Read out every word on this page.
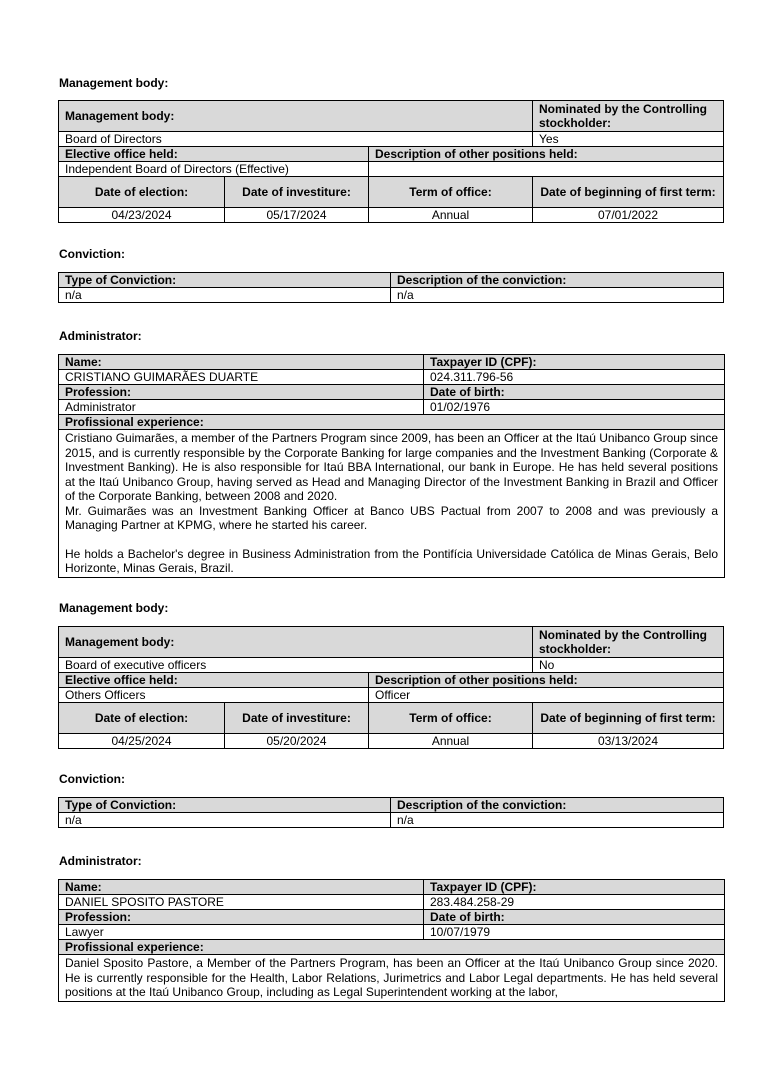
Management body:
Management body:			Nominated by the Controlling stockholder:
Board of Directors			Yes
Elective office held:		Description of other positions held:	
Independent Board of Directors (Effective)			
Date of election:	Date of investiture:	Term of office:	Date of beginning of first term:
04/23/2024	05/17/2024	Annual	07/01/2022
Conviction:
Type of Conviction:	Description of the conviction:
n/a	n/a
Administrator:
Name:	Taxpayer ID (CPF):
CRISTIANO GUIMARÃES DUARTE	024.311.796-56
Profession:	Date of birth:
Administrator	01/02/1976
Profissional experience:	

Cristiano Guimarães, a member of the Partners Program since 2009, has been an Officer at the Itaú Unibanco Group since 2015, and is currently responsible by the Corporate Banking for large companies and the Investment Banking (Corporate & Investment Banking). He is also responsible for Itaú BBA International, our bank in Europe. He has held several positions at the Itaú Unibanco Group, having served as Head and Managing Director of the Investment Banking in Brazil and Officer of the Corporate Banking, between 2008 and 2020.

Mr. Guimarães was an Investment Banking Officer at Banco UBS Pactual from 2007 to 2008 and was previously a Managing Partner at KPMG, where he started his career.

He holds a Bachelor's degree in Business Administration from the Pontifícia Universidade Católica de Minas Gerais, Belo Horizonte, Minas Gerais, Brazil.	

Management body:
Management body:			Nominated by the Controlling stockholder:
Board of executive officers			No
Elective office held:		Description of other positions held:	
Others Officers		Officer	
Date of election:	Date of investiture:	Term of office:	Date of beginning of first term:
04/25/2024	05/20/2024	Annual	03/13/2024
Conviction:
Type of Conviction:	Description of the conviction:
n/a	n/a
Administrator:
Name:	Taxpayer ID (CPF):
DANIEL SPOSITO PASTORE	283.484.258-29
Profession:	Date of birth:
Lawyer	10/07/1979
Profissional experience:	

Daniel Sposito Pastore, a Member of the Partners Program, has been an Officer at the Itaú Unibanco Group since 2020. He is currently responsible for the Health, Labor Relations, Jurimetrics and Labor Legal departments. He has held several positions at the Itaú Unibanco Group, including as Legal Superintendent working at the labor,	
